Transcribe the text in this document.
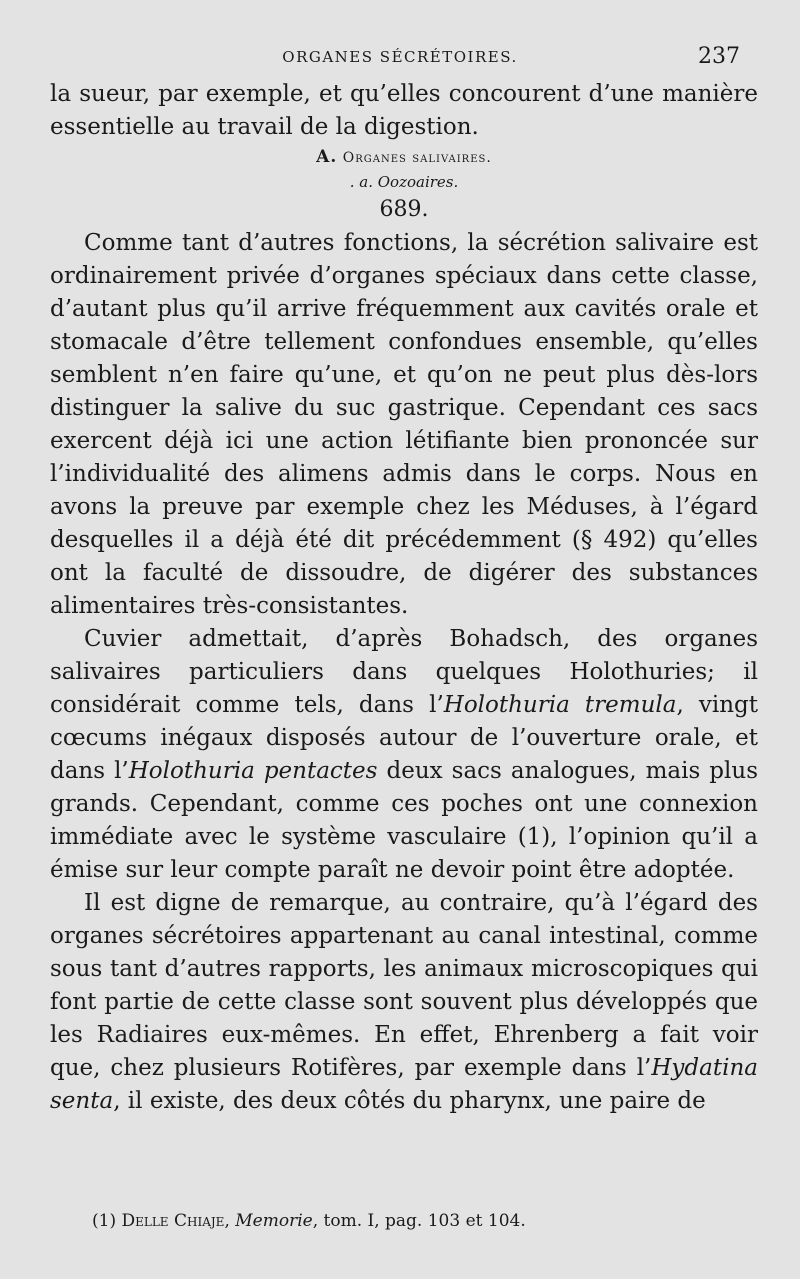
ORGANES SÉCRÉTOIRES.	237

la sueur, par exemple, et qu’elles concourent d’une manière essentielle au travail de la digestion.

A. Organes salivaires.

. a. Oozoaires.

689.

Comme tant d’autres fonctions, la sécrétion salivaire est ordinairement privée d’organes spéciaux dans cette classe, d’autant plus qu’il arrive fréquemment aux cavités orale et stomacale d’être tellement confondues ensemble, qu’elles semblent n’en faire qu’une, et qu’on ne peut plus dès-lors distinguer la salive du suc gastrique. Cependant ces sacs exercent déjà ici une action létifiante bien prononcée sur l’individualité des alimens admis dans le corps. Nous en avons la preuve par exemple chez les Méduses, à l’égard desquelles il a déjà été dit précédemment (§ 492) qu’elles ont la faculté de dissoudre, de digérer des substances alimentaires très-consistantes.

Cuvier admettait, d’après Bohadsch, des organes salivaires particuliers dans quelques Holothuries; il considérait comme tels, dans l’Holothuria tremula, vingt cœcums inégaux disposés autour de l’ouverture orale, et dans l’Holothuria pentactes deux sacs analogues, mais plus grands. Cependant, comme ces poches ont une connexion immédiate avec le système vasculaire (1), l’opinion qu’il a émise sur leur compte paraît ne devoir point être adoptée.

Il est digne de remarque, au contraire, qu’à l’égard des organes sécrétoires appartenant au canal intestinal, comme sous tant d’autres rapports, les animaux microscopiques qui font partie de cette classe sont souvent plus développés que les Radiaires eux-mêmes. En effet, Ehrenberg a fait voir que, chez plusieurs Rotifères, par exemple dans l’Hydatina senta, il existe, des deux côtés du pharynx, une paire de

(1) Delle Chiaje, Memorie, tom. I, pag. 103 et 104.
